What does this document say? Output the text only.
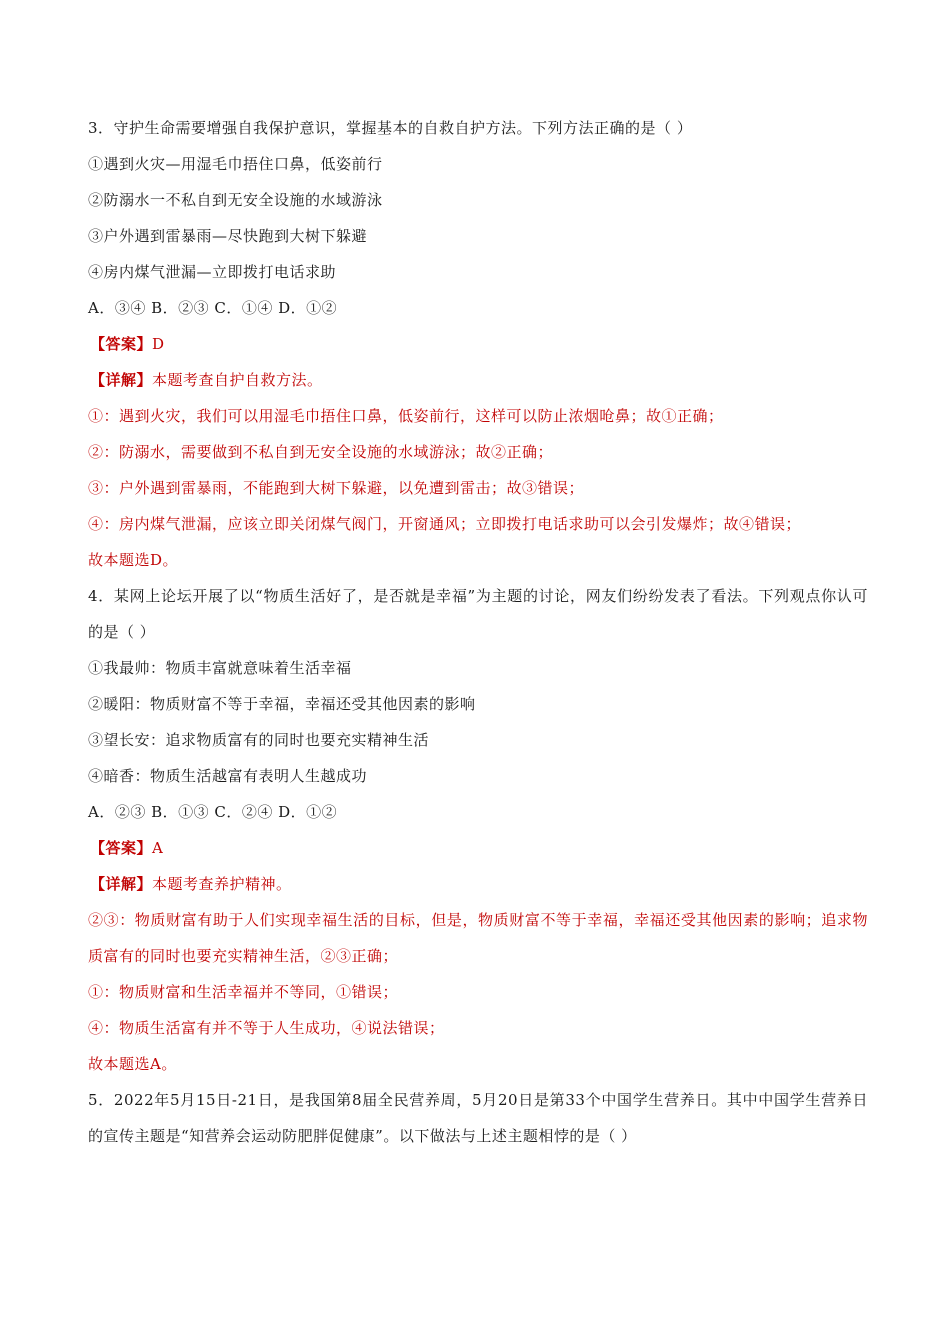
3．守护生命需要增强自我保护意识，掌握基本的自救自护方法。下列方法正确的是（ ）
①遇到火灾—用湿毛巾捂住口鼻，低姿前行
②防溺水一不私自到无安全设施的水域游泳
③户外遇到雷暴雨—尽快跑到大树下躲避
④房内煤气泄漏—立即拨打电话求助
A．③④ B．②③ C．①④ D．①②
【答案】D
【详解】本题考查自护自救方法。
①：遇到火灾，我们可以用湿毛巾捂住口鼻，低姿前行，这样可以防止浓烟呛鼻；故①正确；
②：防溺水，需要做到不私自到无安全设施的水域游泳；故②正确；
③：户外遇到雷暴雨，不能跑到大树下躲避，以免遭到雷击；故③错误；
④：房内煤气泄漏，应该立即关闭煤气阀门，开窗通风；立即拨打电话求助可以会引发爆炸；故④错误；
故本题选D。
4．某网上论坛开展了以“物质生活好了，是否就是幸福”为主题的讨论，网友们纷纷发表了看法。下列观点你认可的是（ ）
①我最帅：物质丰富就意味着生活幸福
②暖阳：物质财富不等于幸福，幸福还受其他因素的影响
③望长安：追求物质富有的同时也要充实精神生活
④暗香：物质生活越富有表明人生越成功
A．②③ B．①③ C．②④ D．①②
【答案】A
【详解】本题考查养护精神。
②③：物质财富有助于人们实现幸福生活的目标，但是，物质财富不等于幸福，幸福还受其他因素的影响；追求物质富有的同时也要充实精神生活，②③正确；
①：物质财富和生活幸福并不等同，①错误；
④：物质生活富有并不等于人生成功，④说法错误；
故本题选A。
5．2022年5月15日-21日，是我国第8届全民营养周，5月20日是第33个中国学生营养日。其中中国学生营养日的宣传主题是“知营养会运动防肥胖促健康”。以下做法与上述主题相悖的是（ ）
